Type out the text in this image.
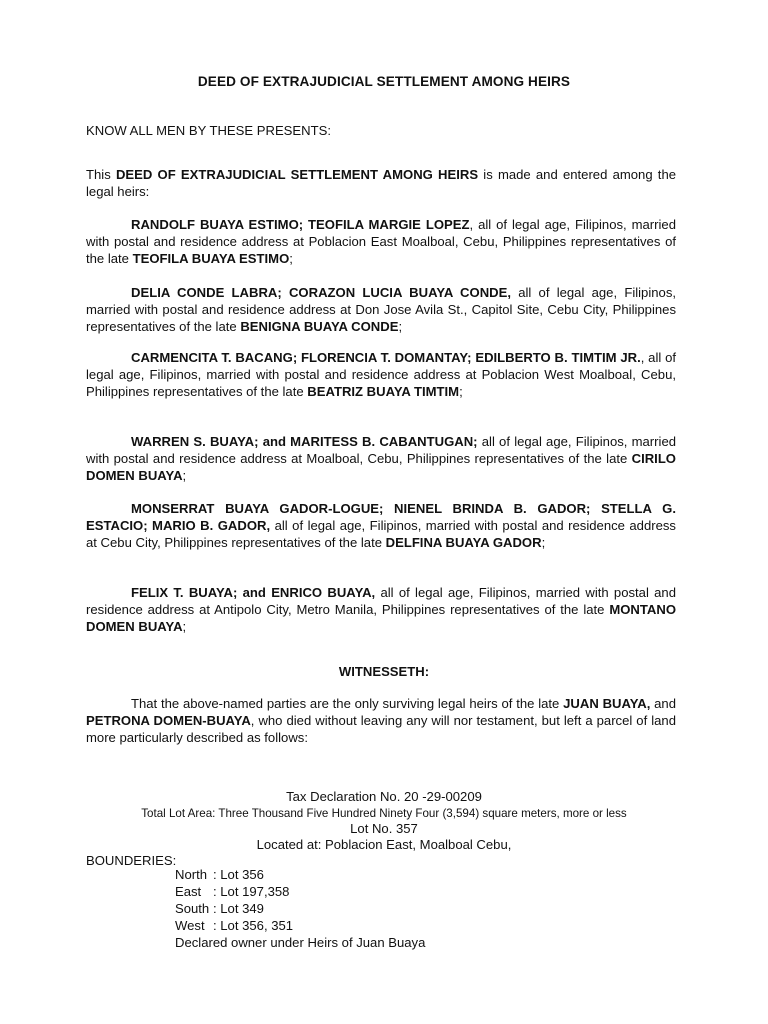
DEED OF EXTRAJUDICIAL SETTLEMENT AMONG HEIRS
KNOW ALL MEN BY THESE PRESENTS:

This DEED OF EXTRAJUDICIAL SETTLEMENT AMONG HEIRS is made and entered among the legal heirs:

RANDOLF BUAYA ESTIMO; TEOFILA MARGIE LOPEZ, all of legal age, Filipinos, married with postal and residence address at Poblacion East Moalboal, Cebu, Philippines representatives of the late TEOFILA BUAYA ESTIMO;

DELIA CONDE LABRA; CORAZON LUCIA BUAYA CONDE, all of legal age, Filipinos, married with postal and residence address at Don Jose Avila St., Capitol Site, Cebu City, Philippines representatives of the late BENIGNA BUAYA CONDE;

CARMENCITA T. BACANG; FLORENCIA T. DOMANTAY; EDILBERTO B. TIMTIM JR., all of legal age, Filipinos, married with postal and residence address at Poblacion West Moalboal, Cebu, Philippines representatives of the late BEATRIZ BUAYA TIMTIM;

WARREN S. BUAYA; and MARITESS B. CABANTUGAN; all of legal age, Filipinos, married with postal and residence address at Moalboal, Cebu, Philippines representatives of the late CIRILO DOMEN BUAYA;

MONSERRAT BUAYA GADOR-LOGUE; NIENEL BRINDA B. GADOR; STELLA G. ESTACIO; MARIO B. GADOR, all of legal age, Filipinos, married with postal and residence address at Cebu City, Philippines representatives of the late DELFINA BUAYA GADOR;

FELIX T. BUAYA; and ENRICO BUAYA, all of legal age, Filipinos, married with postal and residence address at Antipolo City, Metro Manila, Philippines representatives of the late MONTANO DOMEN BUAYA;

WITNESSETH:

That the above-named parties are the only surviving legal heirs of the late JUAN BUAYA, and PETRONA DOMEN-BUAYA, who died without leaving any will nor testament, but left a parcel of land more particularly described as follows:

Tax Declaration No. 20 -29-00209

Total Lot Area: Three Thousand Five Hundred Ninety Four (3,594) square meters, more or less

Lot No. 357

Located at: Poblacion East, Moalboal Cebu,

BOUNDERIES:
North : Lot 356
East   : Lot 197,358
South : Lot 349
West : Lot 356, 351
Declared owner under Heirs of Juan Buaya
